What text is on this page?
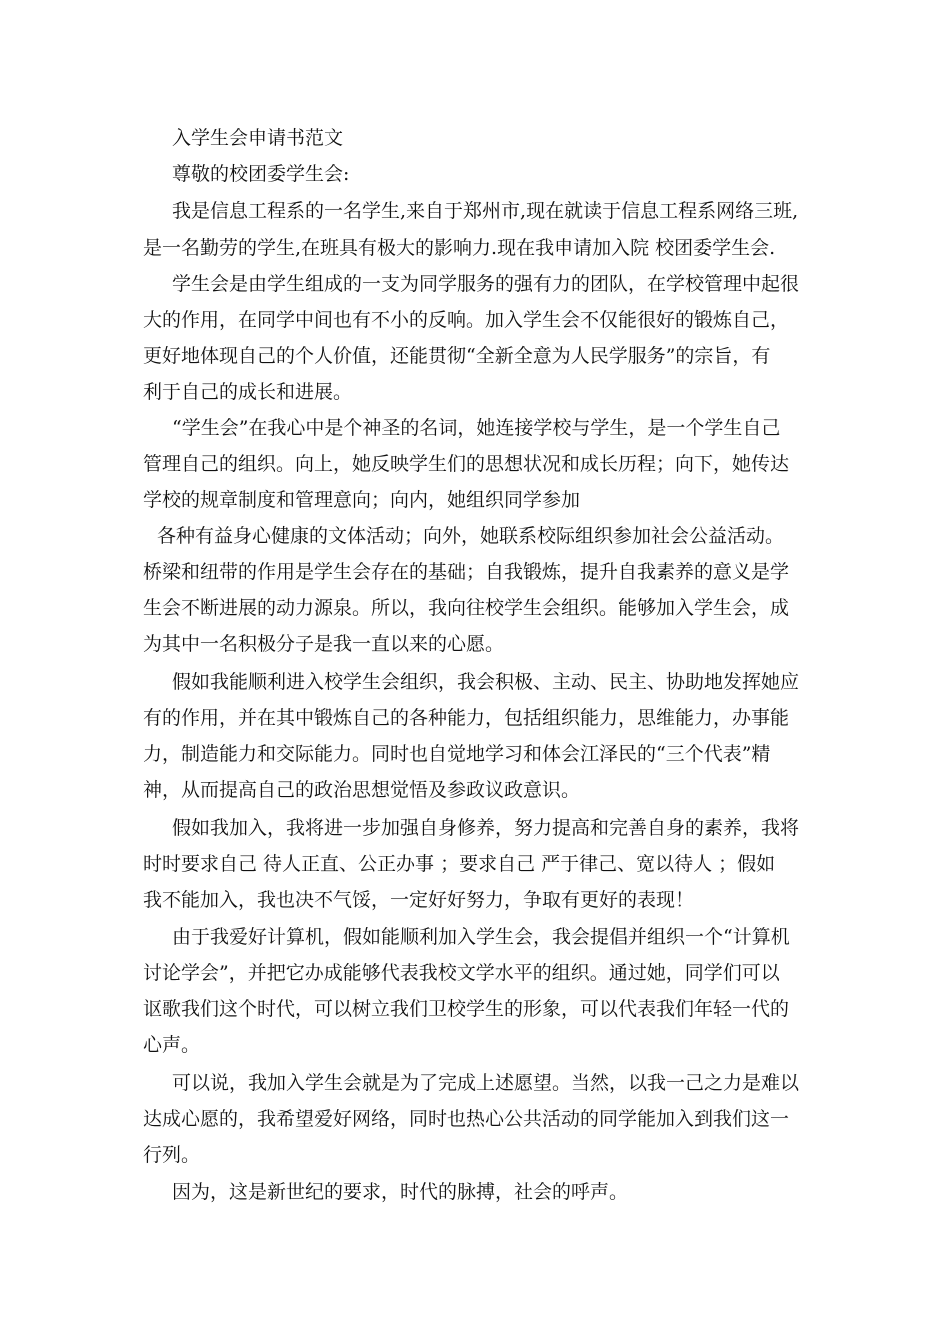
入学生会申请书范文
尊敬的校团委学生会:
我是信息工程系的一名学生,来自于郑州市,现在就读于信息工程系网络三班,
是一名勤劳的学生,在班具有极大的影响力.现在我申请加入院 校团委学生会.
学生会是由学生组成的一支为同学服务的强有力的团队，在学校管理中起很
大的作用，在同学中间也有不小的反响。加入学生会不仅能很好的锻炼自己，
更好地体现自己的个人价值，还能贯彻“全新全意为人民学服务”的宗旨，有
利于自己的成长和进展。
“学生会”在我心中是个神圣的名词，她连接学校与学生，是一个学生自己
管理自己的组织。向上，她反映学生们的思想状况和成长历程；向下，她传达
学校的规章制度和管理意向；向内，她组织同学参加
各种有益身心健康的文体活动；向外，她联系校际组织参加社会公益活动。
桥梁和纽带的作用是学生会存在的基础；自我锻炼，提升自我素养的意义是学
生会不断进展的动力源泉。所以，我向往校学生会组织。能够加入学生会，成
为其中一名积极分子是我一直以来的心愿。
假如我能顺利进入校学生会组织，我会积极、主动、民主、协助地发挥她应
有的作用，并在其中锻炼自己的各种能力，包括组织能力，思维能力，办事能
力，制造能力和交际能力。同时也自觉地学习和体会江泽民的“三个代表”精
神，从而提高自己的政治思想觉悟及参政议政意识。
假如我加入，我将进一步加强自身修养，努力提高和完善自身的素养，我将
时时要求自己 待人正直、公正办事 ；要求自己 严于律己、宽以待人 ；假如
我不能加入，我也决不气馁，一定好好努力，争取有更好的表现！
由于我爱好计算机，假如能顺利加入学生会，我会提倡并组织一个“计算机
讨论学会”，并把它办成能够代表我校文学水平的组织。通过她，同学们可以
讴歌我们这个时代，可以树立我们卫校学生的形象，可以代表我们年轻一代的
心声。
可以说，我加入学生会就是为了完成上述愿望。当然，以我一己之力是难以
达成心愿的，我希望爱好网络，同时也热心公共活动的同学能加入到我们这一
行列。
因为，这是新世纪的要求，时代的脉搏，社会的呼声。
